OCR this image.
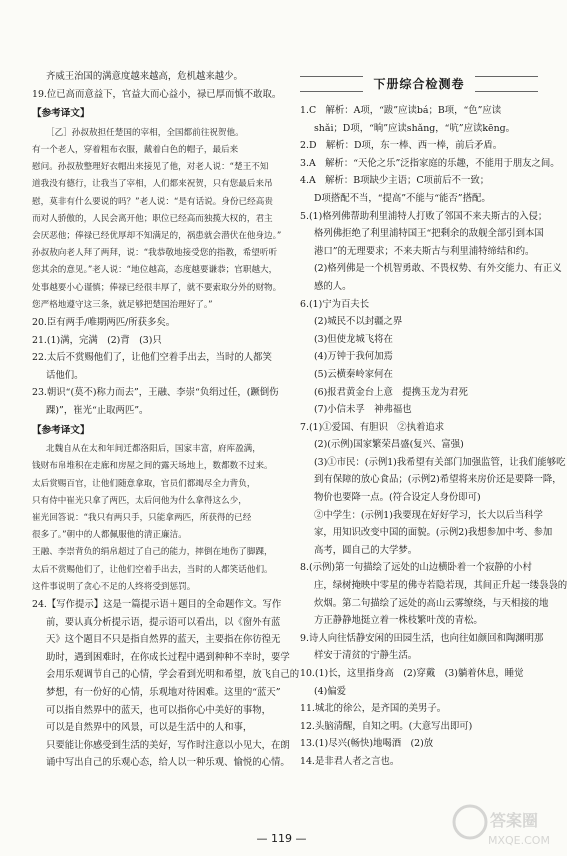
齐威王治国的满意度越来越高，危机越来越少。
19.位已高而意益下，官益大而心益小，禄已厚而慎不敢取。
【参考译文】
［乙］孙叔敖担任楚国的宰相，全国都前往祝贺他。
有一个老人，穿着粗布衣服，戴着白色的帽子，最后来
慰问。孙叔敖整理好衣帽出来接见了他，对老人说：“楚王不知
道我没有德行，让我当了宰相，人们都来祝贺，只有您最后来吊
慰，莫非有什么要说的吗？”老人说：“是有话说。身份已经高贵
而对人骄傲的，人民会离开他；职位已经高而独揽大权的，君主
会厌恶他；俸禄已经优厚却不知满足的，祸患就会潜伏在他身边。”
孙叔敖向老人拜了两拜，说：“我恭敬地接受您的指教，希望听听
您其余的意见。”老人说：“地位越高，态度越要谦恭；官职越大，
处事越要小心谨慎；俸禄已经很丰厚了，就不要索取分外的财物。
您严格地遵守这三条，就足够把楚国治理好了。”
20.臣有两手/唯期两匹/所获多矣。
21.(1)满，完满　(2)背　(3)只
22.太后不赏赐他们了，让他们空着手出去，当时的人都笑
话他们。
23.朝识“(莫不)称力而去”，王融、李崇“负绢过任，(蹶倒伤
踝)”，崔光“止取两匹”。
【参考译文】
北魏自从在太和年间迁都洛阳后，国家丰富，府库盈满，
钱财布帛堆积在走廊和房屋之间的露天场地上，数都数不过来。
太后赏赐百官，让他们随意拿取，官员们都竭尽全力背负，
只有侍中崔光只拿了两匹，太后问他为什么拿得这么少，
崔光回答说：“我只有两只手，只能拿两匹，所获得的已经
很多了。”朝中的人都佩服他的清正廉洁。
王融、李崇背负的绢帛超过了自己的能力，摔倒在地伤了脚踝，
太后不赏赐他们了，让他们空着手出去，当时的人都笑话他们。
这件事说明了贪心不足的人终将受到惩罚。
24.【写作提示】这是一篇提示语＋题目的全命题作文。写作
前，要认真分析提示语，提示语可以看出，以《窗外有蓝
天》这个题目不只是指自然界的蓝天，主要指在你彷徨无
助时，遇到困难时，在你成长过程中遇到种种不幸时，要学
会用乐观调节自己的心情，学会看到光明和希望，放飞自己的
梦想，有一份好的心情，乐观地对待困难。这里的“蓝天”
可以指自然界中的蓝天，也可以指你心中美好的事物，
可以是自然界中的风景，可以是生活中的人和事，
只要能让你感受到生活的美好，写作时注意以小见大，在朗
诵中写出自己的乐观心态，给人以一种乐观、愉悦的心情。
下册综合检测卷
1.C　解析：A项，“跋”应读bá；B项，“色”应读
shǎi；D项，“晌”应读shǎng，“吭”应读kēng。
2.D　解析：D项，东一棒、西一棒，前后矛盾。
3.A　解析：“天伦之乐”泛指家庭的乐趣，不能用于朋友之间。
4.A　解析：B项缺少主语；C项前后不一致；
D项搭配不当，“提高”不能与“能否”搭配。
5.(1)格列佛帮助利里浦特人打败了邻国不来夫斯古的入侵；
格列佛拒绝了利里浦特国王“把剩余的敌舰全部引到本国
港口”的无理要求；不来夫斯古与利里浦特缔结和约。
(2)格列佛是一个机智勇敢、不畏权势、有外交能力、有正义
感的人。
6.(1)宁为百夫长
(2)城民不以封疆之界
(3)但使龙城飞将在
(4)万钟于我何加焉
(5)云横秦岭家何在
(6)报君黄金台上意　提携玉龙为君死
(7)小信未孚　神弗福也
7.(1)①爱国、有胆识　②执着追求
(2)(示例)国家繁荣昌盛(复兴、富强)
(3)①市民：(示例1)我希望有关部门加强监管，让我们能够吃
到有保障的放心食品；(示例2)希望将来房价还是要降一降，
物价也要降一点。(符合设定人身份即可)
②中学生：(示例1)我要现在好好学习，长大以后当科学
家，用知识改变中国的面貌。(示例2)我想参加中考、参加
高考，圆自己的大学梦。
8.(示例)第一句描绘了远处的山边横卧着一个寂静的小村
庄，绿树掩映中零星的佛寺若隐若现，其间正升起一缕袅袅的
炊烟。第二句描绘了远处的高山云雾缭绕，与天相接的地
方正静静地挺立着一株枝繁叶茂的青松。
9.诗人向往恬静安闲的田园生活，也向往如颜回和陶渊明那
样安于清贫的宁静生活。
10.(1)长，这里指身高　(2)穿戴　(3)躺着休息，睡觉
(4)偏爱
11.城北的徐公，是齐国的美男子。
12.头脑清醒，自知之明。(大意写出即可)
13.(1)尽兴(畅快)地喝酒　(2)放
14.是非君人者之言也。
— 119 —
答案圈
MXQE.COM
